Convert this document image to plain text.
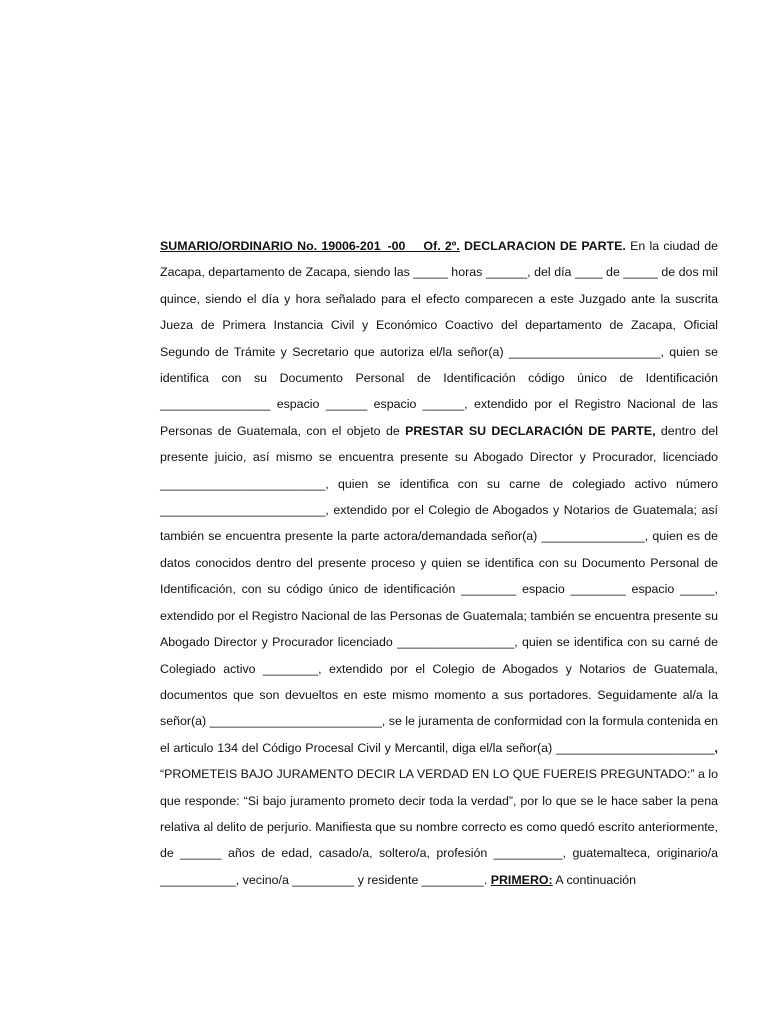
SUMARIO/ORDINARIO No. 19006-201_-00__ Of. 2º. DECLARACION DE PARTE. En la ciudad de Zacapa, departamento de Zacapa, siendo las _____ horas ______, del día ____ de _____ de dos mil quince, siendo el día y hora señalado para el efecto comparecen a este Juzgado ante la suscrita Jueza de Primera Instancia Civil y Económico Coactivo del departamento de Zacapa, Oficial Segundo de Trámite y Secretario que autoriza el/la señor(a) ______________________, quien se identifica con su Documento Personal de Identificación código único de Identificación ________________ espacio ______ espacio ______, extendido por el Registro Nacional de las Personas de Guatemala, con el objeto de PRESTAR SU DECLARACIÓN DE PARTE, dentro del presente juicio, así mismo se encuentra presente su Abogado Director y Procurador, licenciado ________________________, quien se identifica con su carne de colegiado activo número ________________________, extendido por el Colegio de Abogados y Notarios de Guatemala; así también se encuentra presente la parte actora/demandada señor(a) _______________, quien es de datos conocidos dentro del presente proceso y quien se identifica con su Documento Personal de Identificación, con su código único de identificación ________ espacio ________ espacio _____, extendido por el Registro Nacional de las Personas de Guatemala; también se encuentra presente su Abogado Director y Procurador licenciado _________________, quien se identifica con su carné de Colegiado activo ________, extendido por el Colegio de Abogados y Notarios de Guatemala, documentos que son devueltos en este mismo momento a sus portadores. Seguidamente al/a la señor(a) _________________________, se le juramenta de conformidad con la formula contenida en el articulo 134 del Código Procesal Civil y Mercantil, diga el/la señor(a) _______________________, “PROMETEIS BAJO JURAMENTO DECIR LA VERDAD EN LO QUE FUEREIS PREGUNTADO:” a lo que responde: “Si bajo juramento prometo decir toda la verdad”, por lo que se le hace saber la pena relativa al delito de perjurio. Manifiesta que su nombre correcto es como quedó escrito anteriormente, de ______ años de edad, casado/a, soltero/a, profesión __________, guatemalteca, originario/a ___________, vecino/a _________ y residente _________. PRIMERO: A continuación
